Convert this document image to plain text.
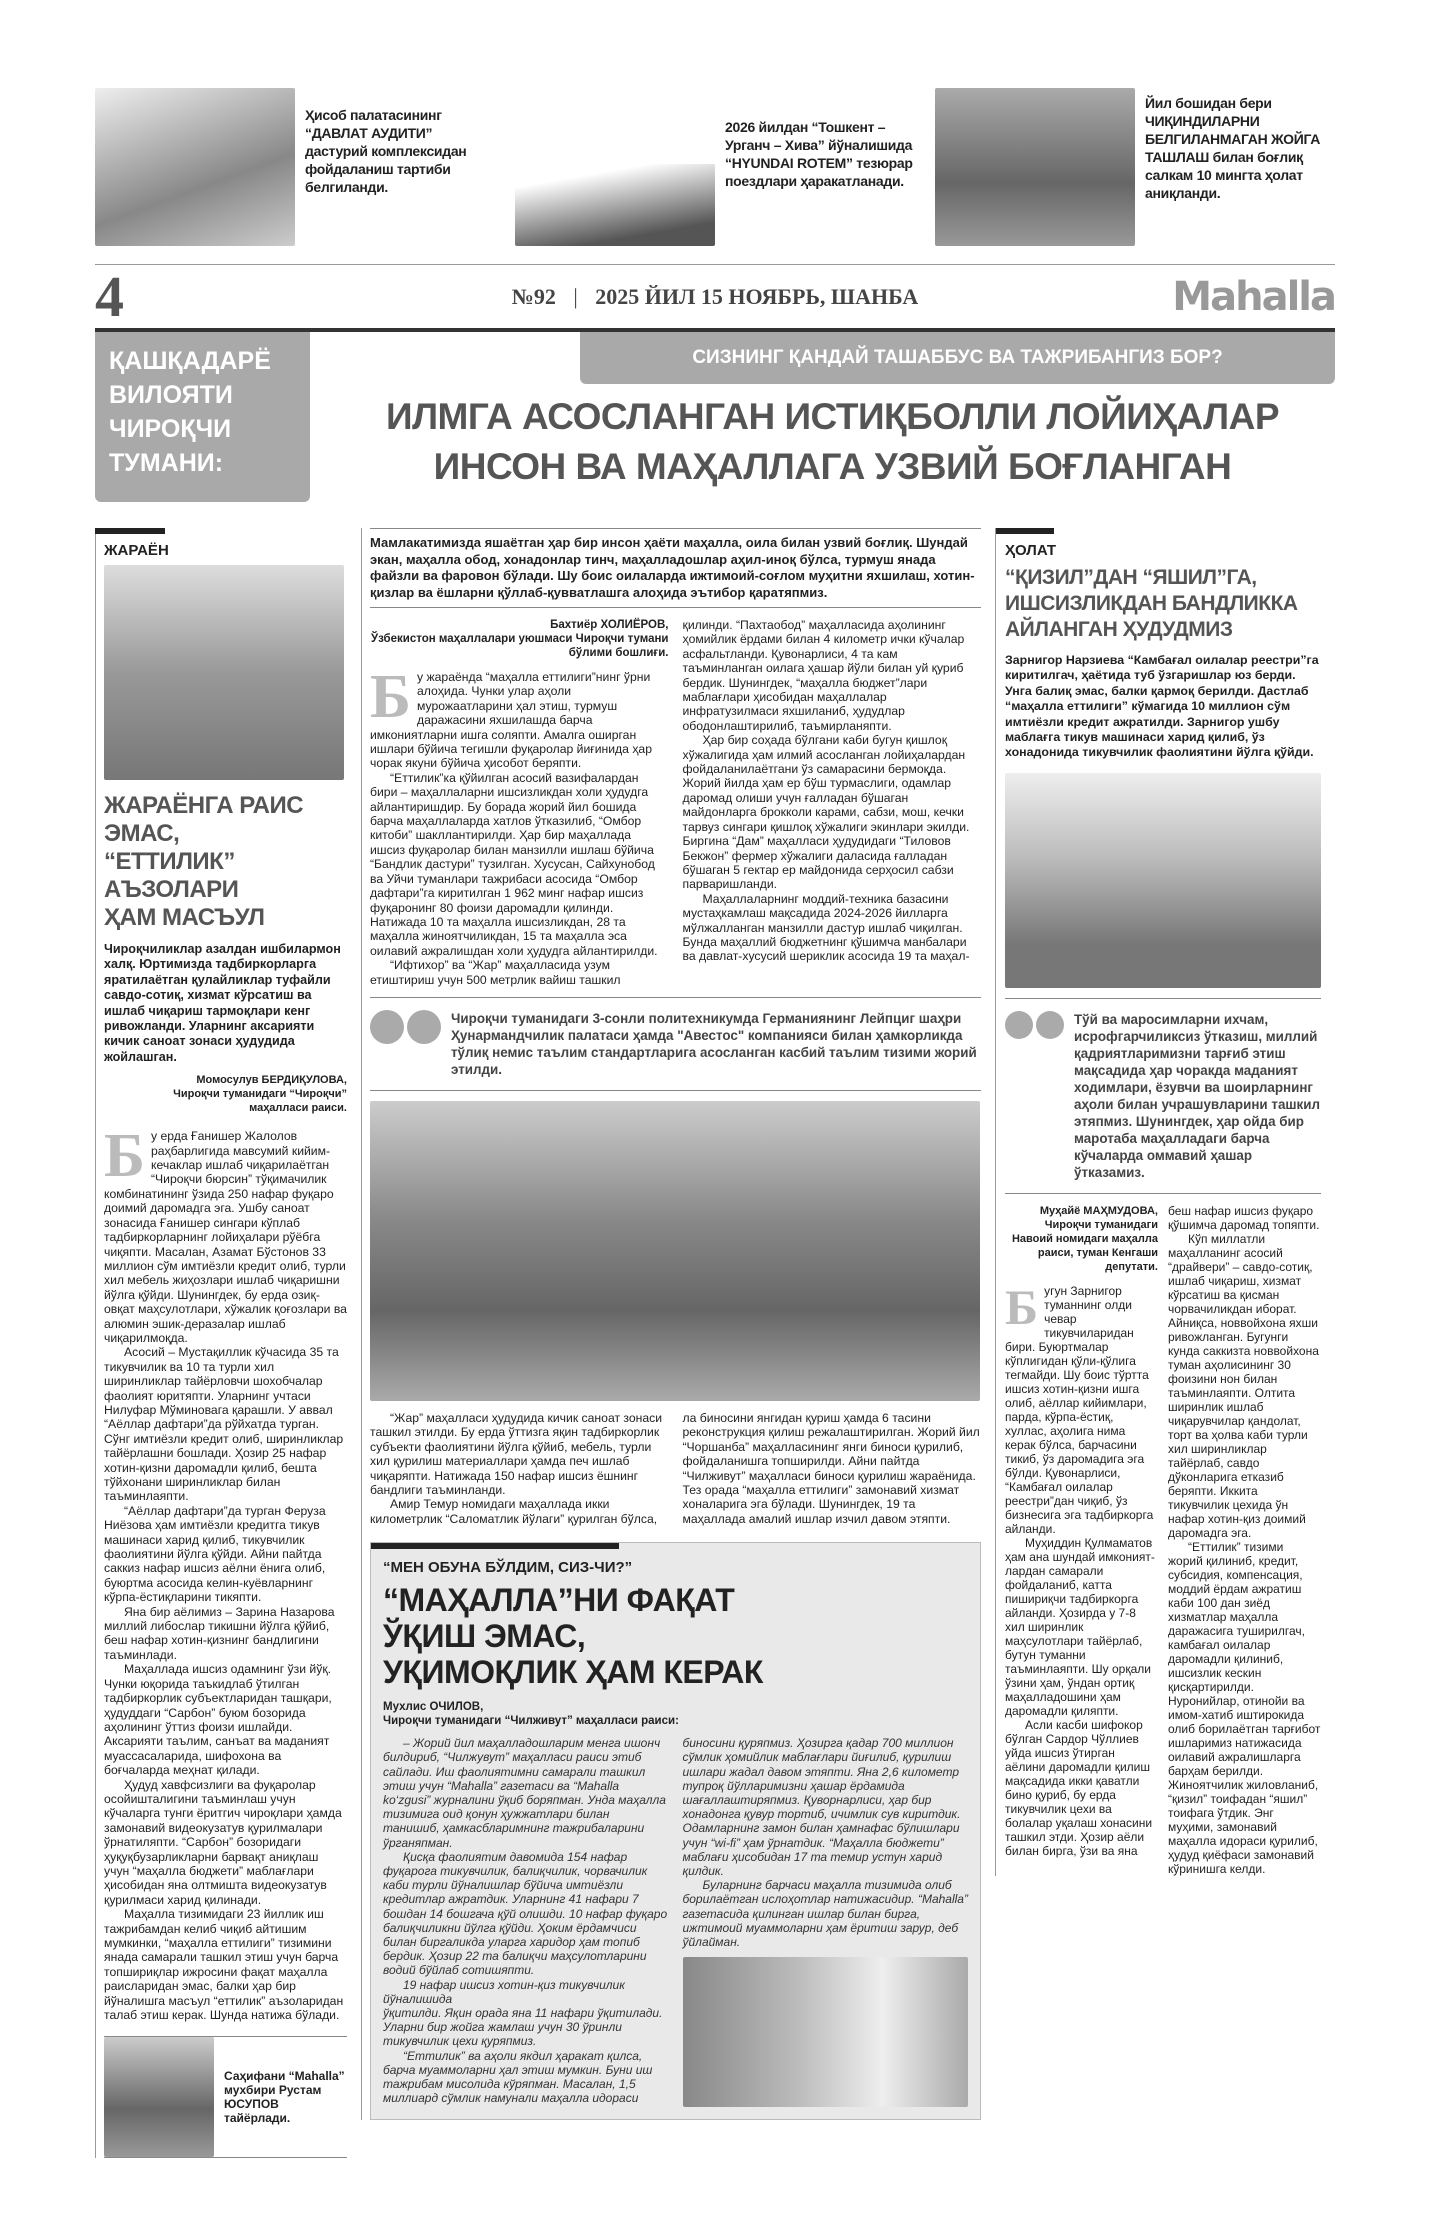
Ҳисоб палатасининг “ДАВЛАТ АУДИТИ” дастурий комплексидан фойдаланиш тартиби белгиланди.
2026 йилдан “Тошкент – Урганч – Хива” йўналишида “HYUNDAI ROTEM” тезюрар поездлари ҳаракатланади.
Йил бошидан бери ЧИҚИНДИЛАРНИ БЕЛГИЛАНМАГАН ЖОЙГА ТАШЛАШ билан боғлиқ салкам 10 мингта ҳолат аниқланди.
4	№92 | 2025 ЙИЛ 15 НОЯБРЬ, ШАНБА	Mahalla
ҚАШҚАДАРЁ ВИЛОЯТИ ЧИРОҚЧИ ТУМАНИ:
СИЗНИНГ ҚАНДАЙ ТАШАББУС ВА ТАЖРИБАНГИЗ БОР?
ИЛМГА АСОСЛАНГАН ИСТИҚБОЛЛИ ЛОЙИҲАЛАР
ИНСОН ВА МАҲАЛЛАГА УЗВИЙ БОҒЛАНГАН
ЖАРАЁН
ЖАРАЁНГА РАИС ЭМАС,
“ЕТТИЛИК” АЪЗОЛАРИ
ҲАМ МАСЪУЛ
Чироқчиликлар азалдан ишбилармон халқ. Юртимизда тадбиркорларга яратилаётган қулайликлар туфайли савдо-сотиқ, хизмат кўрсатиш ва ишлаб чиқариш тармоқлари кенг ривожланди. Уларнинг аксарияти кичик саноат зонаси ҳудудида жойлашган.
Момосулув БЕРДИҚУЛОВА,
Чироқчи туманидаги “Чироқчи” маҳалласи раиси.
Б у ерда Ғанишер Жалолов раҳбарлигида мавсумий кийим-кечаклар ишлаб чиқарилаётган “Чироқчи бюрсин” тўқимачилик комбинатининг ўзида 250 нафар фуқаро доимий даромадга эга. Ушбу саноат зонасида Ғанишер сингари кўплаб тадбиркорларнинг лойиҳалари рўёбга чиқяпти. Масалан, Азамат Бўстонов 33 миллион сўм имтиёзли кредит олиб, турли хил мебель жиҳозлари ишлаб чиқаришни йўлга қўйди. Шунингдек, бу ерда озиқ-овқат маҳсулотлари, хўжалик қоғозлари ва алюмин эшик-деразалар ишлаб чиқарилмоқда.

Асосий – Мустақиллик кўчасида 35 та тикувчилик ва 10 та турли хил ширинликлар тайёрловчи шохобчалар фаолият юритяпти. Уларнинг учтаси Нилуфар Мўминовага қарашли. У аввал “Аёллар дафтари”да рўйхатда турган. Сўнг имтиёзли кредит олиб, ширинликлар тайёрлашни бошлади. Ҳозир 25 нафар хотин-қизни даромадли қилиб, бешта тўйхонани ширинликлар билан таъминлаяпти.

“Аёллар дафтари”да турган Феруза Ниёзова ҳам имтиёзли кредитга тикув машинаси харид қилиб, тикувчилик фаолиятини йўлга қўйди. Айни пайтда саккиз нафар ишсиз аёлни ёнига олиб, буюртма асосида келин-куёвларнинг кўрпа-ёстиқларини тикяпти.

Яна бир аёлимиз – Зарина Назарова миллий либослар тикишни йўлга қўйиб, беш нафар хотин-қизнинг бандлигини таъминлади.

Маҳаллада ишсиз одамнинг ўзи йўқ. Чунки юқорида таъкидлаб ўтилган тадбиркорлик субъектларидан ташқари, ҳудуддаги “Сарбон” буюм бозорида аҳолининг ўттиз фоизи ишлайди. Аксарияти таълим, санъат ва маданият муассасаларида, шифохона ва боғчаларда меҳнат қилади.

Ҳудуд хавфсизлиги ва фуқаролар осойишталигини таъминлаш учун кўчаларга тунги ёритгич чироқлари ҳамда замонавий видеокузатув қурилмалари ўрнатиляпти. “Сарбон” бозоридаги ҳуқуқбузарликларни барвақт аниқлаш учун “маҳалла бюджети” маблағлари ҳисобидан яна олтмишта видеокузатув қурилмаси харид қилинади.

Маҳалла тизимидаги 23 йиллик иш тажрибамдан келиб чиқиб айтишим мумкинки, “маҳалла еттилиги” тизимини янада самарали ташкил этиш учун барча топшириқлар ижросини фақат маҳалла раисларидан эмас, балки ҳар бир йўналишга масъул “еттилик” аъзоларидан талаб этиш керак. Шунда натижа бўлади.

Саҳифани “Mahalla” мухбири Рустам ЮСУПОВ тайёрлади.
Мамлакатимизда яшаётган ҳар бир инсон ҳаёти маҳалла, оила билан узвий боғлиқ. Шундай экан, маҳалла обод, хонадонлар тинч, маҳалладошлар аҳил-иноқ бўлса, турмуш янада файзли ва фаровон бўлади. Шу боис оилаларда ижтимоий-соғлом муҳитни яхшилаш, хотин-қизлар ва ёшларни қўллаб-қувватлашга алоҳида эътибор қаратяпмиз.
Бахтиёр ХОЛИЁРОВ,
Ўзбекистон маҳаллалари уюшмаси Чироқчи тумани бўлими бошлиғи.
Б у жараёнда “маҳалла еттилиги”нинг ўрни алоҳида. Чунки улар аҳоли мурожаатларини ҳал этиш, турмуш даражасини яхшилашда барча имкониятларни ишга соляпти. Амалга оширган ишлари бўйича тегишли фуқаролар йиғинида ҳар чорак якуни бўйича ҳисобот беряпти.

“Еттилик”ка қўйилган асосий вазифалардан бири – маҳаллаларни ишсизликдан холи ҳудудга айлантиришдир. Бу борада жорий йил бошида барча маҳаллаларда хатлов ўтказилиб, “Омбор китоби” шакллантирилди. Ҳар бир маҳаллада ишсиз фуқаролар билан манзилли ишлаш бўйича “Бандлик дастури” тузилган. Хусусан, Сайхунобод ва Уйчи туманлари тажрибаси асосида “Омбор дафтари”га киритилган 1 962 минг нафар ишсиз фуқаронинг 80 фоизи даромадли қилинди. Натижада 10 та маҳалла ишсизликдан, 28 та маҳалла жиноятчиликдан, 15 та маҳалла эса оилавий ажралишдан холи ҳудудга айлантирилди.

“Ифтихор” ва “Жар” маҳалласида узум етиштириш учун 500 метрлик вайиш ташкил қилинди. “Пахтаобод” маҳалласида аҳолининг ҳомийлик ёрдами билан 4 километр ички кўчалар асфальтланди. Қувонарлиси, 4 та кам таъминланган оилага ҳашар йўли билан уй қуриб бердик. Шунингдек, “маҳалла бюджет”лари маблағлари ҳисобидан маҳаллалар инфратузилмаси яхшиланиб, ҳудудлар ободонлаштирилиб, таъмирланяпти.

Ҳар бир соҳада бўлгани каби бугун қишлоқ хўжалигида ҳам илмий асосланган лойиҳалардан фойдаланилаётгани ўз самарасини бермоқда. Жорий йилда ҳам ер бўш турмаслиги, одамлар даромад олиши учун ғалладан бўшаган майдонларга брокколи карами, сабзи, мош, кечки тарвуз сингари қишлоқ хўжалиги экинлари экилди. Биргина “Дам” маҳалласи ҳудудидаги “Тиловов Бекжон” фермер хўжалиги даласида ғалладан бўшаган 5 гектар ер майдонида серҳосил сабзи парваришланди.

Маҳаллаларнинг моддий-техника базасини мустаҳкамлаш мақсадида 2024-2026 йилларга мўлжалланган манзилли дастур ишлаб чиқилган. Бунда маҳаллий бюджетнинг қўшимча манбалари ва давлат-хусусий шериклик асосида 19 та маҳал-

Чироқчи туманидаги 3-сонли политехникумда Германиянинг Лейпциг шаҳри Ҳунармандчилик палатаси ҳамда "Авестос" компанияси билан ҳамкорликда тўлиқ немис таълим стандартларига асосланган касбий таълим тизими жорий этилди.

“Жар” маҳалласи ҳудудида кичик саноат зонаси ташкил этилди. Бу ерда ўттизга яқин тадбиркорлик субъекти фаолиятини йўлга қўйиб, мебель, турли хил қурилиш материаллари ҳамда печ ишлаб чиқаряпти. Натижада 150 нафар ишсиз ёшнинг бандлиги таъминланди.

Амир Темур номидаги маҳаллада икки километрлик “Саломатлик йўлаги” қурилган бўлса,

ла биносини янгидан қуриш ҳамда 6 тасини реконструкция қилиш режалаштирилган. Жорий йил “Чоршанба” маҳалласининг янги биноси қурилиб, фойдаланишга топширилди. Айни пайтда “Чилживут” маҳалласи биноси қурилиш жараёнида. Тез орада “маҳалла еттилиги” замонавий хизмат хоналарига эга бўлади. Шунингдек, 19 та маҳаллада амалий ишлар изчил давом этяпти.

“МЕН ОБУНА БЎЛДИМ, СИЗ-ЧИ?”
“МАҲАЛЛА”НИ ФАҚАТ
ЎҚИШ ЭМАС,
УҚИМОҚЛИК ҲАМ КЕРАК
Мухлис ОЧИЛОВ,
Чироқчи туманидаги “Чилживут” маҳалласи раиси:

– Жорий йил маҳалладошларим менга ишонч билдириб, “Чилжувут” маҳалласи раиси этиб сайлади. Иш фаолиятимни самарали ташкил этиш учун “Mahalla” газетаси ва “Mahalla ko‘zgusi” журналини ўқиб боряпман. Унда маҳалла тизимига оид қонун ҳужжатлари билан танишиб, ҳамкасбларимнинг тажрибаларини ўрганяпман.

Қисқа фаолиятим давомида 154 нафар фуқарога тикувчилик, балиқчилик, чорвачилик каби турли йўналишлар бўйича имтиёзли кредитлар ажратдик. Уларнинг 41 нафари 7 бошдан 14 бошгача қўй олишди. 10 нафар фуқаро балиқчиликни йўлга қўйди. Ҳоким ёрдамчиси билан биргаликда уларга харидор ҳам топиб бердик. Ҳозир 22 та балиқчи маҳсулотларини водий бўйлаб сотишяпти.

19 нафар ишсиз хотин-қиз тикувчилик йўналишида

ўқитилди. Яқин орада яна 11 нафари ўқитилади. Уларни бир жойга жамлаш учун 30 ўринли тикувчилик цехи қуряпмиз.

“Еттилик” ва аҳоли якдил ҳаракат қилса, барча муаммоларни ҳал этиш мумкин. Буни иш тажрибам мисолида кўряпман. Масалан, 1,5 миллиард сўмлик намунали маҳалла идораси биносини қуряпмиз. Ҳозирга қадар 700 миллион сўмлик ҳомийлик маблағлари йиғилиб, қурилиш ишлари жадал давом этяпти. Яна 2,6 километр тупроқ йўлларимизни ҳашар ёрдамида шағаллаштиряпмиз. Қуворнарлиси, ҳар бир хонадонга қувур тортиб, ичимлик сув киритдик. Одамларнинг замон билан ҳамнафас бўлишлари учун “wi-fi” ҳам ўрнатдик. “Маҳалла бюджети” маблағи ҳисобидан 17 та темир устун харид қилдик.

Буларнинг барчаси маҳалла тизимида олиб борилаётган ислоҳотлар натижасидир. “Mahalla” газетасида қилинган ишлар билан бирга, ижтимоий муаммоларни ҳам ёритиш зарур, деб ўйлайман.

ҲОЛАТ
“ҚИЗИЛ”ДАН “ЯШИЛ”ГА,
ИШСИЗЛИКДАН БАНДЛИККА
АЙЛАНГАН ҲУДУДМИЗ
Зарнигор Нарзиева “Камбағал оилалар реестри”га киритилгач, ҳаётида туб ўзгаришлар юз берди. Унга балиқ эмас, балки қармоқ берилди. Дастлаб “маҳалла еттилиги” кўмагида 10 миллион сўм имтиёзли кредит ажратилди. Зарнигор ушбу маблағга тикув машинаси харид қилиб, ўз хонадонида тикувчилик фаолиятини йўлга қўйди.
Тўй ва маросимларни ихчам, исрофгарчиликсиз ўтказиш, миллий қадриятларимизни тарғиб этиш мақсадида ҳар чоракда маданият ходимлари, ёзувчи ва шоирларнинг аҳоли билан учрашувларини ташкил этяпмиз. Шунингдек, ҳар ойда бир маротаба маҳалладаги барча кўчаларда оммавий ҳашар ўтказамиз.
Муҳайё МАҲМУДОВА,
Чироқчи туманидаги Навоий номидаги маҳалла раиси, туман Кенгаши депутати.
Б угун Зарнигор туманнинг олди чевар тикувчиларидан бири. Буюртмалар кўплигидан қўли-қўлига тегмайди. Шу боис тўртта ишсиз хотин-қизни ишга олиб, аёллар кийимлари, парда, кўрпа-ёстиқ, хуллас, аҳолига нима керак бўлса, барчасини тикиб, ўз даромадига эга бўлди. Қувонарлиси, “Камбағал оилалар реестри”дан чиқиб, ўз бизнесига эга тадбиркорга айланди.

Муҳиддин Қулмаматов ҳам ана шундай имконият-

лардан самарали фойдаланиб, катта пишириқчи тадбиркорга айланди. Ҳозирда у 7-8 хил ширинлик маҳсулотлари тайёрлаб, бутун туманни таъминлаяпти. Шу орқали ўзини ҳам, ўндан ортиқ маҳалладошини ҳам даромадли қиляпти.

Асли касби шифокор бўлган Сардор Чўллиев уйда ишсиз ўтирган аёлини даромадли қилиш мақсадида икки қаватли бино қуриб, бу ерда тикувчилик цехи ва болалар уқалаш хонасини ташкил этди. Ҳозир аёли билан бирга, ўзи ва яна беш нафар ишсиз фуқаро қўшимча даромад топяпти.

Кўп миллатли маҳалланинг асосий “драйвери” – савдо-сотиқ, ишлаб чиқариш, хизмат кўрсатиш ва қисман чорвачиликдан иборат. Айниқса, новвойхона яхши ривожланган. Бугунги кунда саккизта новвойхона туман аҳолисининг 30 фоизини нон билан таъминлаяпти. Олтита ширинлик ишлаб чиқарувчилар қандолат, торт ва ҳолва каби турли хил ширинликлар тайёрлаб, савдо дўконларига етказиб беряпти. Иккита тикувчилик цехида ўн нафар хотин-қиз доимий даромадга эга.

“Еттилик” тизими жорий қилиниб, кредит, субсидия, компенсация, моддий ёрдам ажратиш каби 100 дан зиёд хизматлар маҳалла даражасига туширилгач, камбағал оилалар даромадли қилиниб, ишсизлик кескин қисқартирилди. Нуронийлар, отинойи ва имом-хатиб иштирокида олиб борилаётган тарғибот ишларимиз натижасида оилавий ажралишларга барҳам берилди. Жиноятчилик жиловланиб, “қизил” тоифадан “яшил” тоифага ўтдик. Энг муҳими, замонавий маҳалла идораси қурилиб, ҳудуд қиёфаси замонавий кўринишга келди.
